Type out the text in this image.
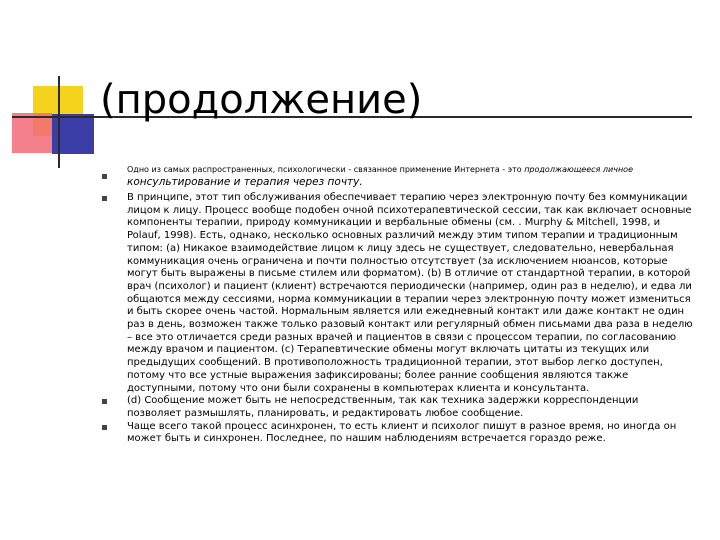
(продолжение)
Одно из самых распространенных, психологически - связанное применение Интернета - это продолжающееся личное консультирование и терапия через почту.
В принципе, этот тип обслуживания обеспечивает терапию через электронную почту без коммуникации лицом к лицу. Процесс вообще подобен очной психотерапевтической сессии, так как включает основные компоненты терапии, природу коммуникации и вербальные обмены (см. . Murphy & Mitchell, 1998, и Polauf, 1998). Есть, однако, несколько основных различий между этим типом терапии и традиционным типом: (a) Никакое взаимодействие лицом к лицу здесь не существует, следовательно, невербальная коммуникация очень ограничена и почти полностью отсутствует (за исключением нюансов, которые могут быть выражены в письме стилем или форматом). (b) В отличие от стандартной терапии, в которой врач (психолог) и пациент (клиент) встречаются периодически (например, один раз в неделю), и едва ли общаются между сессиями, норма коммуникации в терапии через электронную почту может измениться и быть скорее очень частой. Нормальным является или ежедневный контакт или даже контакт не один раз в день, возможен также только разовый контакт или регулярный обмен письмами два раза в неделю – все это отличается среди разных врачей и пациентов в связи с процессом терапии, по согласованию между врачом и пациентом. (c) Терапевтические обмены могут включать цитаты из текущих или предыдущих сообщений. В противоположность традиционной терапии, этот выбор легко доступен, потому что все устные выражения зафиксированы; более ранние сообщения являются также доступными, потому что они были сохранены в компьютерах клиента и консультанта.
(d) Сообщение может быть не непосредственным, так как техника задержки корреспонденции позволяет размышлять, планировать, и редактировать любое сообщение.
Чаще всего такой процесс асинхронен, то есть клиент и психолог пишут в разное время, но иногда он может быть и синхронен. Последнее, по нашим наблюдениям встречается гораздо реже.
